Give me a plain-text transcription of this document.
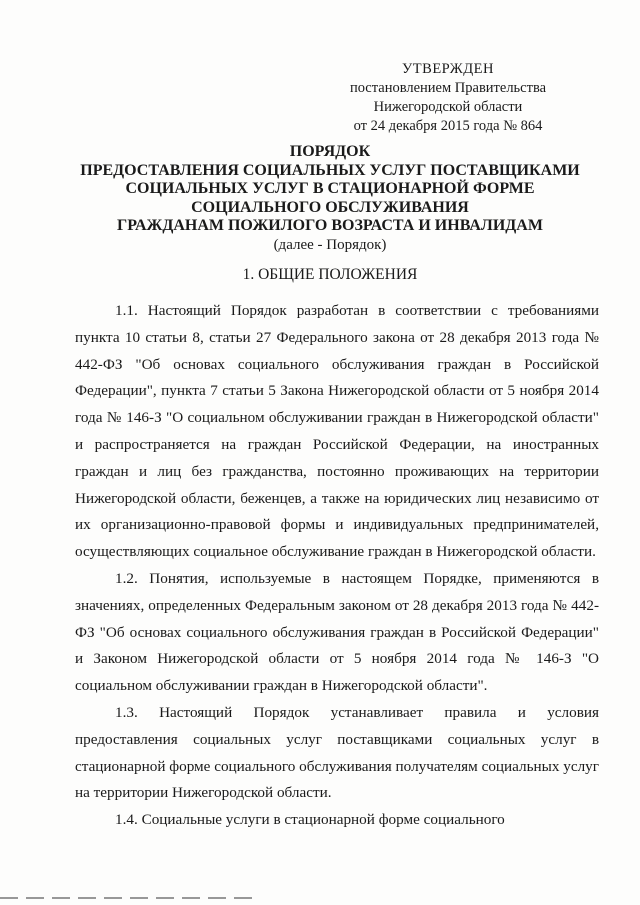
УТВЕРЖДЕН
постановлением Правительства
Нижегородской области
от 24 декабря 2015 года № 864
ПОРЯДОК
ПРЕДОСТАВЛЕНИЯ СОЦИАЛЬНЫХ УСЛУГ ПОСТАВЩИКАМИ
СОЦИАЛЬНЫХ УСЛУГ В СТАЦИОНАРНОЙ ФОРМЕ
СОЦИАЛЬНОГО ОБСЛУЖИВАНИЯ
ГРАЖДАНАМ ПОЖИЛОГО ВОЗРАСТА И ИНВАЛИДАМ
(далее - Порядок)
1. ОБЩИЕ ПОЛОЖЕНИЯ

1.1. Настоящий Порядок разработан в соответствии с требованиями пункта 10 статьи 8, статьи 27 Федерального закона от 28 декабря 2013 года № 442-ФЗ "Об основах социального обслуживания граждан в Российской Федерации", пункта 7 статьи 5 Закона Нижегородской области от 5 ноября 2014 года № 146-З "О социальном обслуживании граждан в Нижегородской области" и распространяется на граждан Российской Федерации, на иностранных граждан и лиц без гражданства, постоянно проживающих на территории Нижегородской области, беженцев, а также на юридических лиц независимо от их организационно-правовой формы и индивидуальных предпринимателей, осуществляющих социальное обслуживание граждан в Нижегородской области.

1.2. Понятия, используемые в настоящем Порядке, применяются в значениях, определенных Федеральным законом от 28 декабря 2013 года № 442-ФЗ "Об основах социального обслуживания граждан в Российской Федерации" и Законом Нижегородской области от 5 ноября 2014 года № 146-З "О социальном обслуживании граждан в Нижегородской области".

1.3. Настоящий Порядок устанавливает правила и условия предоставления социальных услуг поставщиками социальных услуг в стационарной форме социального обслуживания получателям социальных услуг на территории Нижегородской области.

1.4. Социальные услуги в стационарной форме социального
